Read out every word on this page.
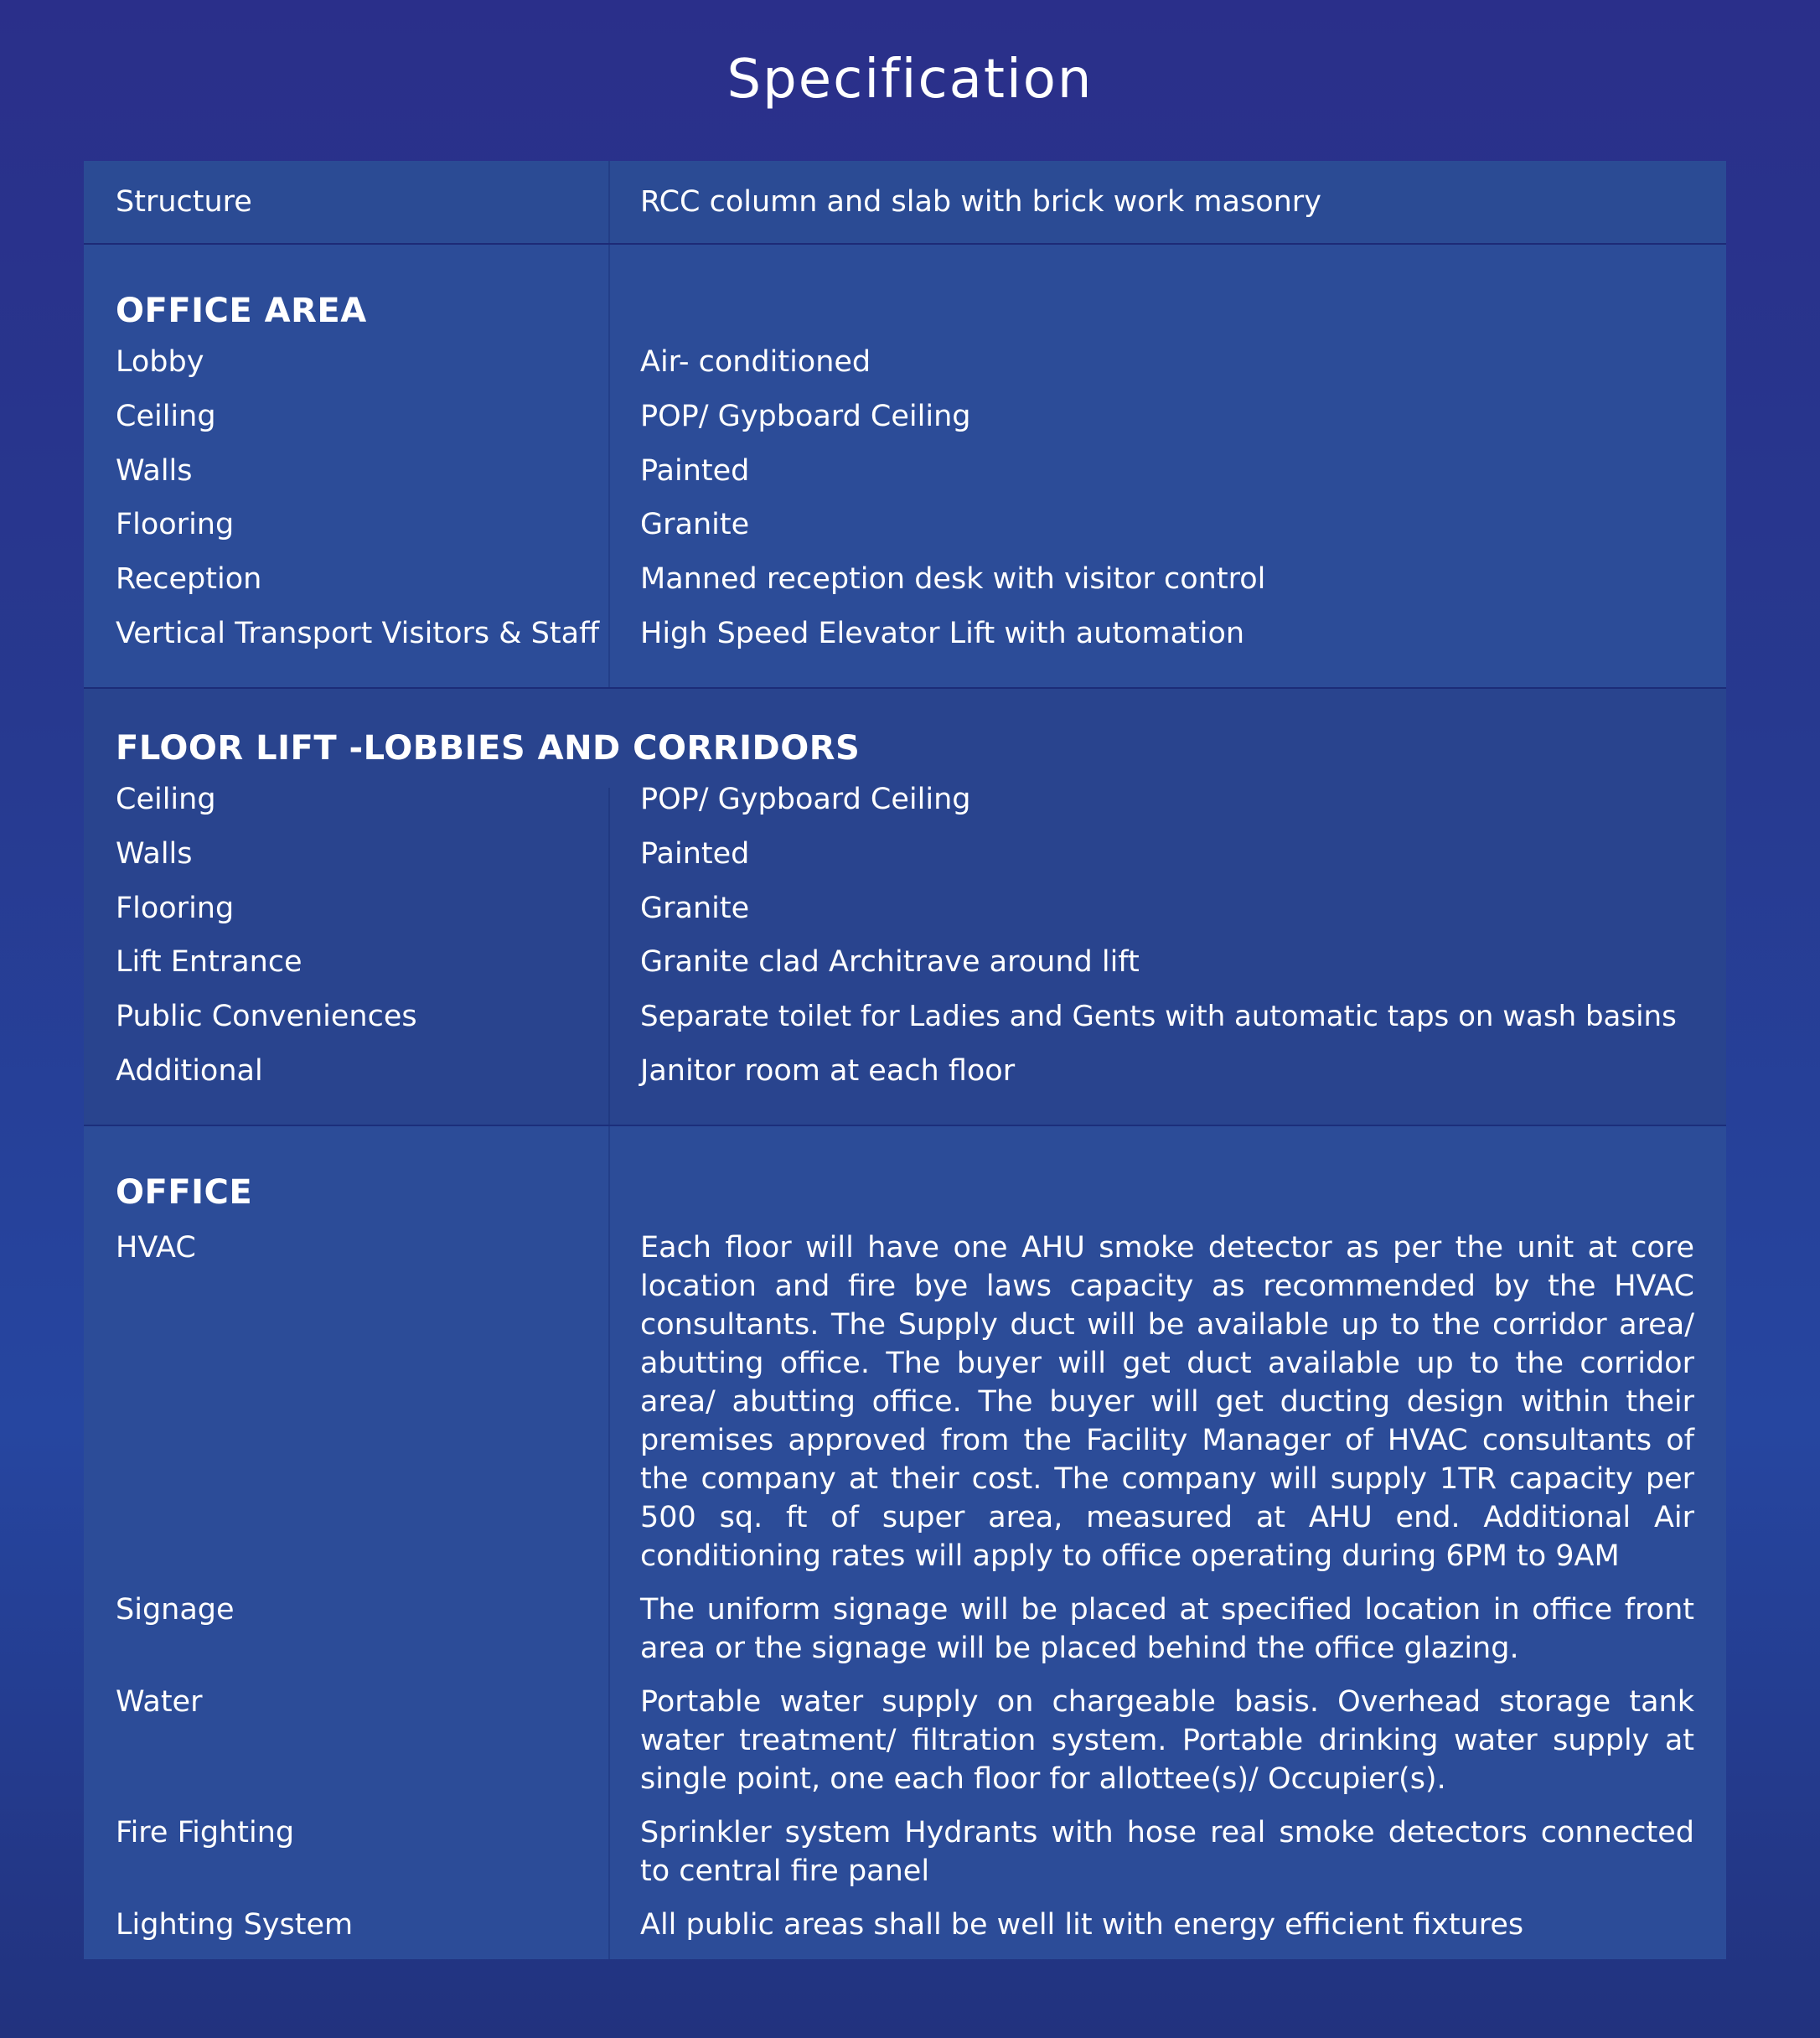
Specification
Structure	RCC column and slab with brick work masonry
OFFICE AREA
Lobby	Air- conditioned
Ceiling	POP/ Gypboard Ceiling
Walls	Painted
Flooring	Granite
Reception	Manned reception desk with visitor control
Vertical Transport Visitors & Staff	High Speed Elevator Lift with automation
FLOOR LIFT -LOBBIES AND CORRIDORS
Ceiling	POP/ Gypboard Ceiling
Walls	Painted
Flooring	Granite
Lift Entrance	Granite clad Architrave around lift
Public Conveniences	Separate toilet for Ladies and Gents with automatic taps on wash basins
Additional	Janitor room at each floor
OFFICE
HVAC	Each floor will have one AHU smoke detector as per the unit at core location and fire bye laws capacity as recommended by the HVAC consultants. The Supply duct will be available up to the corridor area/ abutting office. The buyer will get duct available up to the corridor area/ abutting office. The buyer will get ducting design within their premises approved from the Facility Manager of HVAC consultants of the company at their cost. The company will supply 1TR capacity per 500 sq. ft of super area, measured at AHU end. Additional Air conditioning rates will apply to office operating during 6PM to 9AM
Signage	The uniform signage will be placed at specified location in office front area or the signage will be placed behind the office glazing.
Water	Portable water supply on chargeable basis. Overhead storage tank water treatment/ filtration system. Portable drinking water supply at single point, one each floor for allottee(s)/ Occupier(s).
Fire Fighting	Sprinkler system Hydrants with hose real smoke detectors connected to central fire panel
Lighting System	All public areas shall be well lit with energy efficient fixtures
